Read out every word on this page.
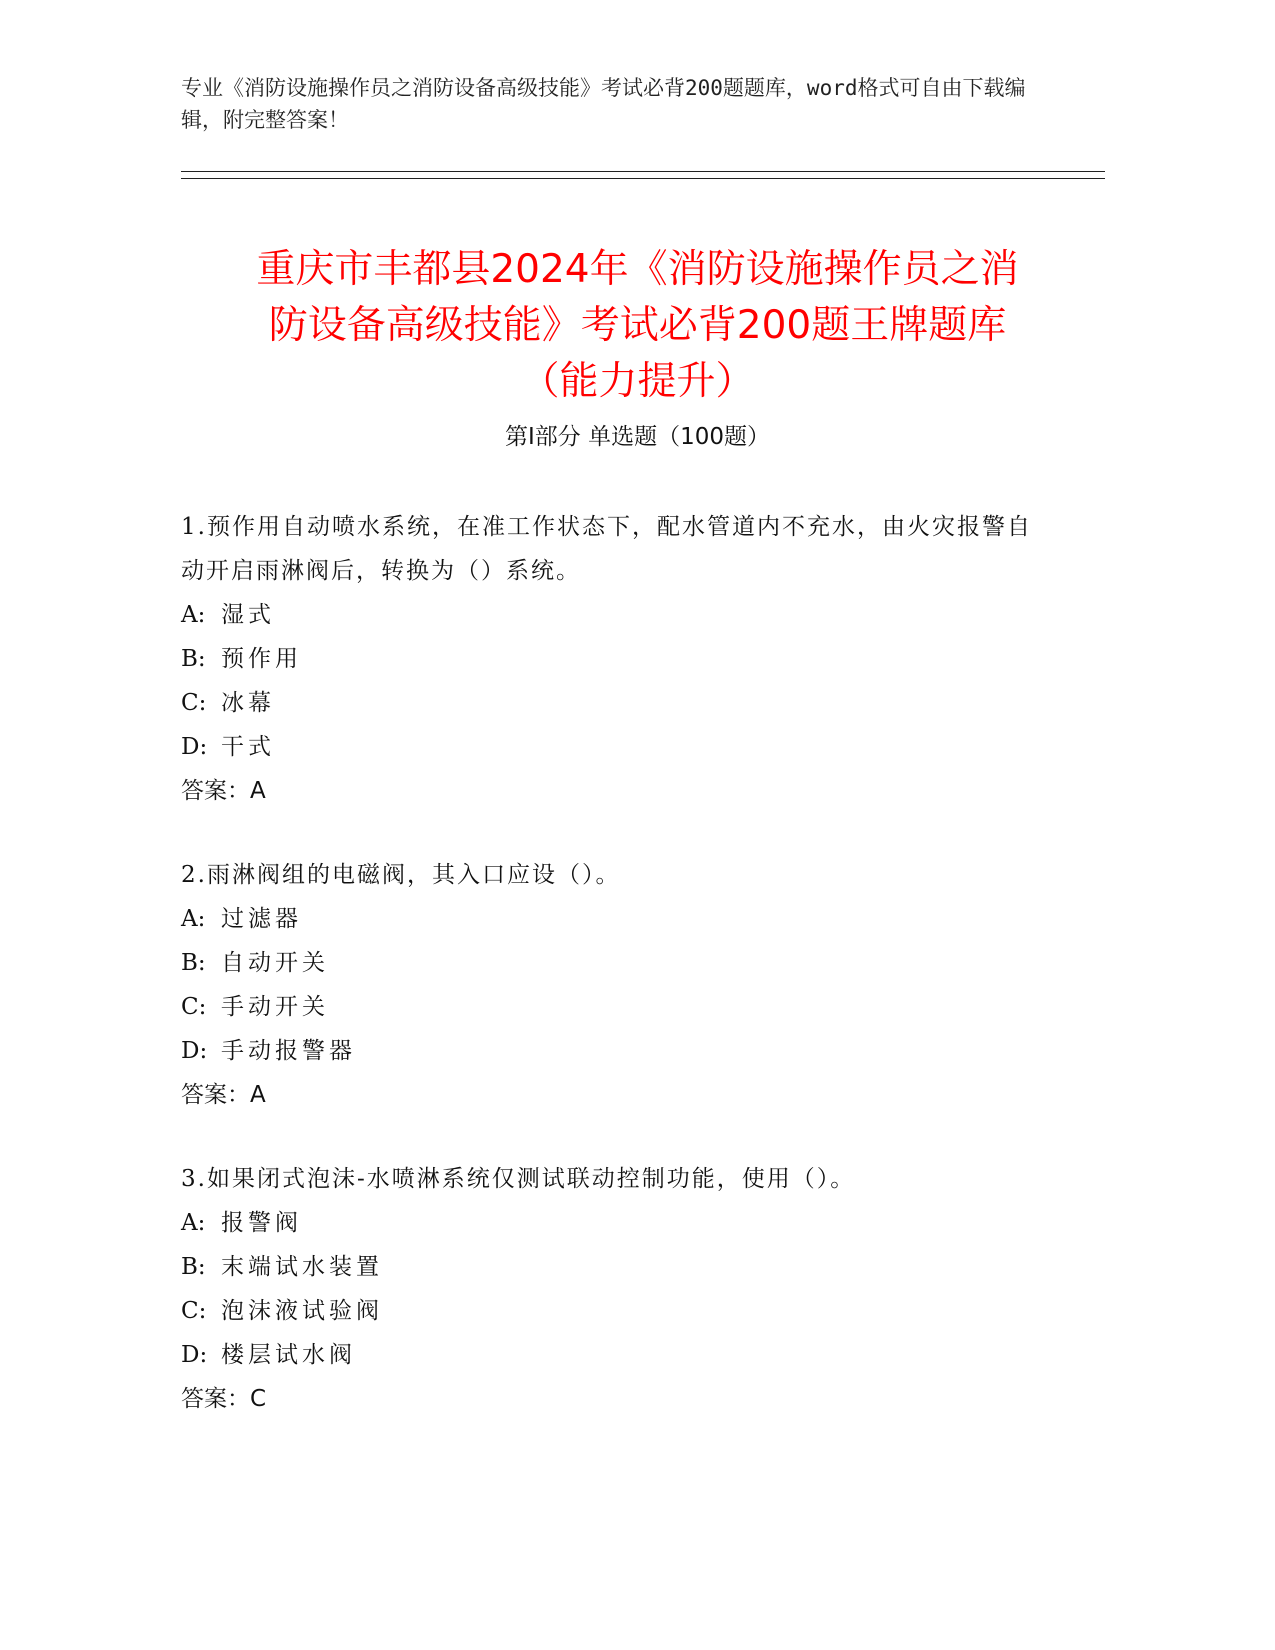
专业《消防设施操作员之消防设备高级技能》考试必背200题题库，word格式可自由下载编辑，附完整答案！
重庆市丰都县2024年《消防设施操作员之消
防设备高级技能》考试必背200题王牌题库
（能力提升）
第Ⅰ部分 单选题（100题）

1.预作用自动喷水系统，在准工作状态下，配水管道内不充水，由火灾报警自动开启雨淋阀后，转换为（）系统。

A: 湿式

B: 预作用

C: 冰幕

D: 干式

答案：A

2.雨淋阀组的电磁阀，其入口应设（）。

A: 过滤器

B: 自动开关

C: 手动开关

D: 手动报警器

答案：A

3.如果闭式泡沫-水喷淋系统仅测试联动控制功能，使用（）。

A: 报警阀

B: 末端试水装置

C: 泡沫液试验阀

D: 楼层试水阀

答案：C
